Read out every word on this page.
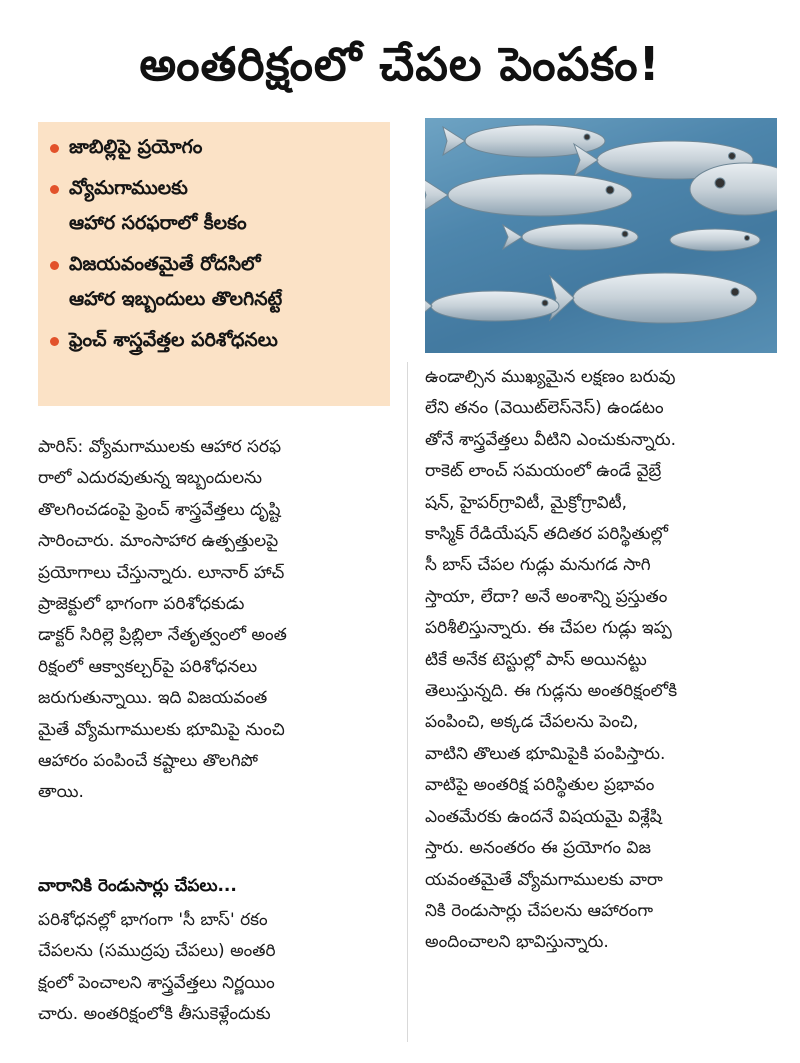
అంతరిక్షంలో చేపల పెంపకం!
జాబిల్లిపై ప్రయోగం
వ్యోమగాములకు
ఆహార సరఫరాలో కీలకం
విజయవంతమైతే రోదసిలో
ఆహార ఇబ్బందులు తొలగినట్టే
ఫ్రెంచ్ శాస్త్రవేత్తల పరిశోధనలు
పారిస్: వ్యోమగాములకు ఆహార సరఫ
రాలో ఎదురవుతున్న ఇబ్బందులను
తొలగించడంపై ఫ్రెంచ్ శాస్త్రవేత్తలు దృష్టి
సారించారు. మాంసాహార ఉత్పత్తులపై
ప్రయోగాలు చేస్తున్నారు. లూనార్ హాచ్
ప్రాజెక్టులో భాగంగా పరిశోధకుడు
డాక్టర్ సిరిల్లె ప్రిబ్లిలా నేతృత్వంలో అంత
రిక్షంలో ఆక్వాకల్చర్‌పై పరిశోధనలు
జరుగుతున్నాయి. ఇది విజయవంత
మైతే వ్యోమగాములకు భూమిపై నుంచి
ఆహారం పంపించే కష్టాలు తొలగిపో
తాయి.
వారానికి రెండుసార్లు చేపలు...
పరిశోధనల్లో భాగంగా 'సీ బాస్' రకం
చేపలను (సముద్రపు చేపలు) అంతరి
క్షంలో పెంచాలని శాస్త్రవేత్తలు నిర్ణయిం
చారు. అంతరిక్షంలోకి తీసుకెళ్లేందుకు
ఉండాల్సిన ముఖ్యమైన లక్షణం బరువు
లేని తనం (వెయిట్‌లెస్‌నెస్) ఉండటం
తోనే శాస్త్రవేత్తలు వీటిని ఎంచుకున్నారు.
రాకెట్ లాంచ్ సమయంలో ఉండే వైబ్రే
షన్, హైపర్‌గ్రావిటీ, మైక్రోగ్రావిటీ,
కాస్మిక్ రేడియేషన్ తదితర పరిస్థితుల్లో
సీ బాస్ చేపల గుడ్లు మనుగడ సాగి
స్తాయా, లేదా? అనే అంశాన్ని ప్రస్తుతం
పరిశీలిస్తున్నారు. ఈ చేపల గుడ్లు ఇప్ప
టికే అనేక టెస్టుల్లో పాస్ అయినట్టు
తెలుస్తున్నది. ఈ గుడ్లను అంతరిక్షంలోకి
పంపించి, అక్కడ చేపలను పెంచి,
వాటిని తొలుత భూమిపైకి పంపిస్తారు.
వాటిపై అంతరిక్ష పరిస్థితుల ప్రభావం
ఎంతమేరకు ఉందనే విషయమై విశ్లేషి
స్తారు. అనంతరం ఈ ప్రయోగం విజ
యవంతమైతే వ్యోమగాములకు వారా
నికి రెండుసార్లు చేపలను ఆహారంగా
అందించాలని భావిస్తున్నారు.
